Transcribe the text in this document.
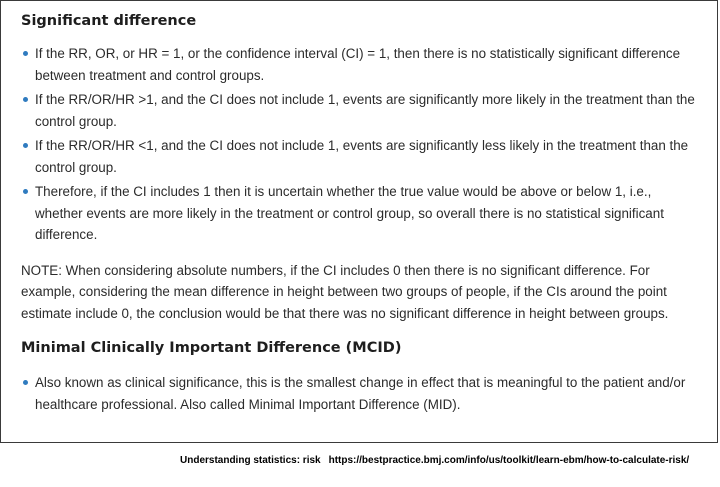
Significant difference
If the RR, OR, or HR = 1, or the confidence interval (CI) = 1, then there is no statistically significant difference between treatment and control groups.
If the RR/OR/HR >1, and the CI does not include 1, events are significantly more likely in the treatment than the control group.
If the RR/OR/HR <1, and the CI does not include 1, events are significantly less likely in the treatment than the control group.
Therefore, if the CI includes 1 then it is uncertain whether the true value would be above or below 1, i.e., whether events are more likely in the treatment or control group, so overall there is no statistical significant difference.

NOTE: When considering absolute numbers, if the CI includes 0 then there is no significant difference. For example, considering the mean difference in height between two groups of people, if the CIs around the point estimate include 0, the conclusion would be that there was no significant difference in height between groups.

Minimal Clinically Important Difference (MCID)
Also known as clinical significance, this is the smallest change in effect that is meaningful to the patient and/or healthcare professional. Also called Minimal Important Difference (MID).
Understanding statistics: risk https://bestpractice.bmj.com/info/us/toolkit/learn-ebm/how-to-calculate-risk/
